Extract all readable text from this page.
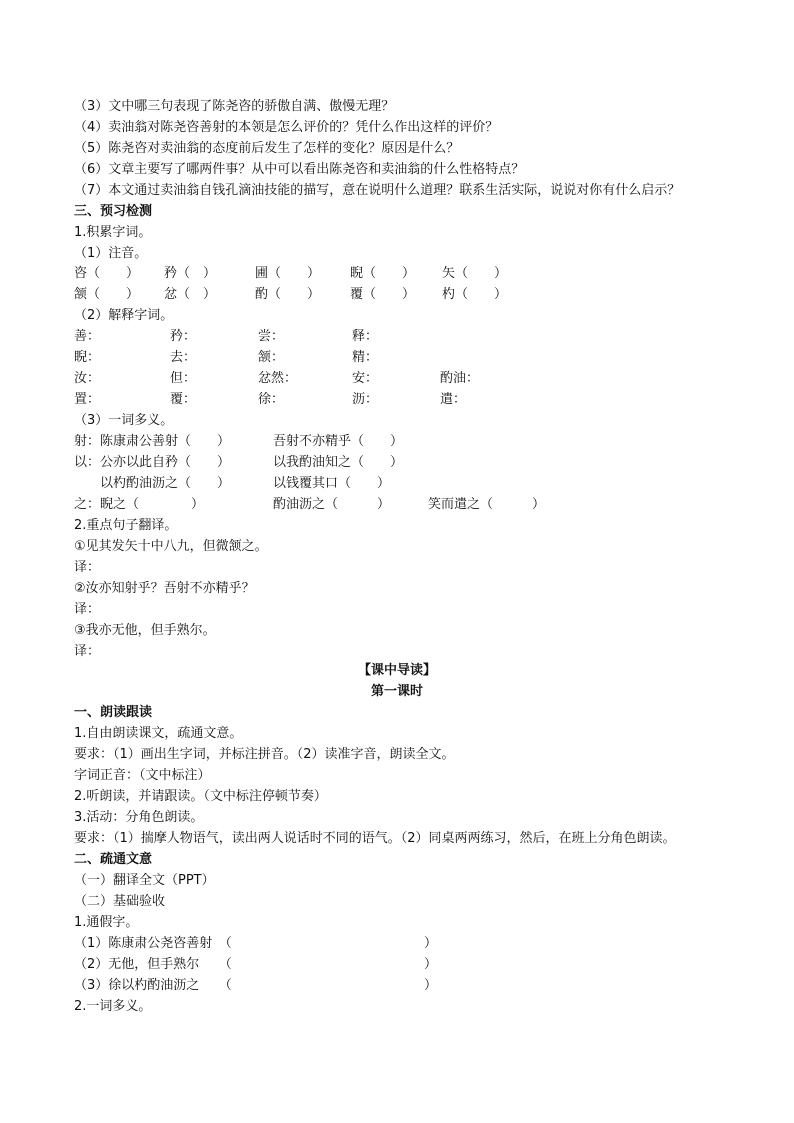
（3）文中哪三句表现了陈尧咨的骄傲自满、傲慢无理？
（4）卖油翁对陈尧咨善射的本领是怎么评价的？凭什么作出这样的评价？
（5）陈尧咨对卖油翁的态度前后发生了怎样的变化？原因是什么？
（6）文章主要写了哪两件事？从中可以看出陈尧咨和卖油翁的什么性格特点？
（7）本文通过卖油翁自钱孔滴油技能的描写，意在说明什么道理？联系生活实际，说说对你有什么启示？
三、预习检测
1.积累字词。
（1）注音。
咨（　　） 矜（　）	圃（　　） 睨（　　） 矢（　　）
颔（　　） 忿（　）	酌（　　） 覆（　　） 杓（　　）
（2）解释字词。
善：	矜：	尝：	释：
睨：	去：	颔：	精：
汝：	但：	忿然：	安：	酌油：
置：	覆：	徐：	沥：	遣：
（3）一词多义。
射：陈康肃公善射（　　）	吾射不亦精乎（　　）
以：公亦以此自矜（　　）	以我酌油知之（　　）
以杓酌油沥之（　　）	以钱覆其口（　　）
之：睨之（　　　　）	酌油沥之（　　　）	笑而遣之（　　　）
2.重点句子翻译。
①见其发矢十中八九，但微颔之。
译：
②汝亦知射乎？吾射不亦精乎？
译：
③我亦无他，但手熟尔。
译：
【课中导读】
第一课时
一、朗读跟读
1.自由朗读课文，疏通文意。
要求：（1）画出生字词，并标注拼音。（2）读准字音，朗读全文。
字词正音：（文中标注）
2.听朗读，并请跟读。（文中标注停顿节奏）
3.活动：分角色朗读。
要求：（1）揣摩人物语气，读出两人说话时不同的语气。（2）同桌两两练习，然后，在班上分角色朗读。
二、疏通文意
（一）翻译全文（PPT）
（二）基础验收
1.通假字。
（1）陈康肃公尧咨善射　（	）
（2）无他，但手熟尔　　（	）
（3）徐以杓酌油沥之　　（	）
2.一词多义。
